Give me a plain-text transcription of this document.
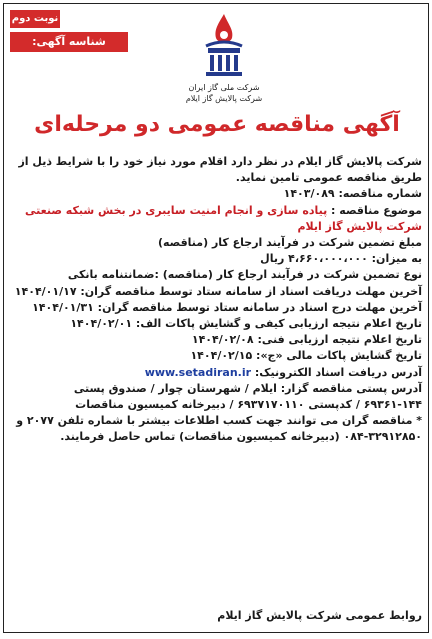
نوبت دوم
شناسه آگهی: ۱۸۹۶۷۳۵
شرکت ملی گاز ایران
شرکت پالایش گاز ایلام
آگهی مناقصه عمومی دو مرحله‌ای

شرکت پالایش گاز ایلام در نظر دارد اقلام مورد نیاز خود را با شرایط ذیل از طریق مناقصه عمومی تامین نماید.

شماره مناقصه: ۱۴۰۳/۰۸۹

موضوع مناقصه : پیاده سازی و انجام امنیت سایبری در بخش شبکه صنعتی شرکت پالایش گاز ایلام

مبلغ تضمین شرکت در فرآیند ارجاع کار (مناقصه)

به میزان: ۴،۶۶۰،۰۰۰،۰۰۰ ریال

نوع تضمین شرکت در فرآیند ارجاع کار (مناقصه) :ضمانتنامه بانکی

آخرین مهلت دریافت اسناد از سامانه ستاد توسط مناقصه گران: ۱۴۰۴/۰۱/۱۷

آخرین مهلت درج اسناد در سامانه ستاد توسط مناقصه گران: ۱۴۰۴/۰۱/۳۱

تاریخ اعلام نتیجه ارزیابی کیفی و گشایش پاکات الف: ۱۴۰۴/۰۲/۰۱

تاریخ اعلام نتیجه ارزیابی فنی: ۱۴۰۴/۰۲/۰۸

تاریخ گشایش پاکات مالی «ج»: ۱۴۰۴/۰۲/۱۵

آدرس دریافت اسناد الکترونیک: www.setadiran.ir

آدرس پستی مناقصه گزار: ایلام / شهرستان چوار / صندوق پستی ۱۴۴-۶۹۳۶۱ / کدپستی ۶۹۳۷۱۷۰۱۱۰ / دبیرخانه کمیسیون مناقصات

* مناقصه گران می توانند جهت کسب اطلاعات بیشتر با شماره تلفن ۲۰۷۷ و ۳۲۹۱۲۸۵۰-۰۸۴ (دبیرخانه کمیسیون مناقصات) تماس حاصل فرمایند.

روابط عمومی شرکت پالایش گاز ایلام
